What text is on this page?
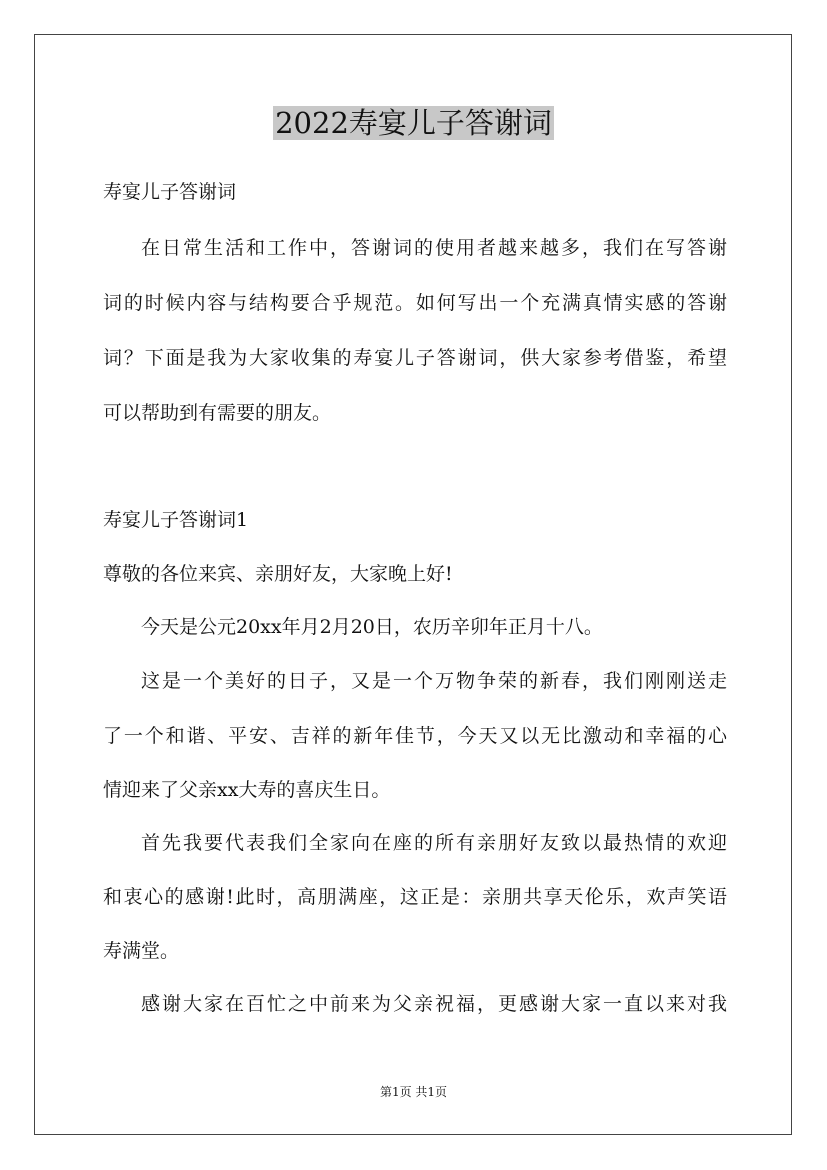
2022寿宴儿子答谢词

寿宴儿子答谢词

在日常生活和工作中，答谢词的使用者越来越多，我们在写答谢

词的时候内容与结构要合乎规范。如何写出一个充满真情实感的答谢

词？下面是我为大家收集的寿宴儿子答谢词，供大家参考借鉴，希望

可以帮助到有需要的朋友。

寿宴儿子答谢词1

尊敬的各位来宾、亲朋好友，大家晚上好!

今天是公元20xx年月2月20日，农历辛卯年正月十八。

这是一个美好的日子，又是一个万物争荣的新春，我们刚刚送走

了一个和谐、平安、吉祥的新年佳节，今天又以无比激动和幸福的心

情迎来了父亲xx大寿的喜庆生日。

首先我要代表我们全家向在座的所有亲朋好友致以最热情的欢迎

和衷心的感谢!此时，高朋满座，这正是：亲朋共享天伦乐，欢声笑语

寿满堂。

感谢大家在百忙之中前来为父亲祝福，更感谢大家一直以来对我

第1页 共1页
